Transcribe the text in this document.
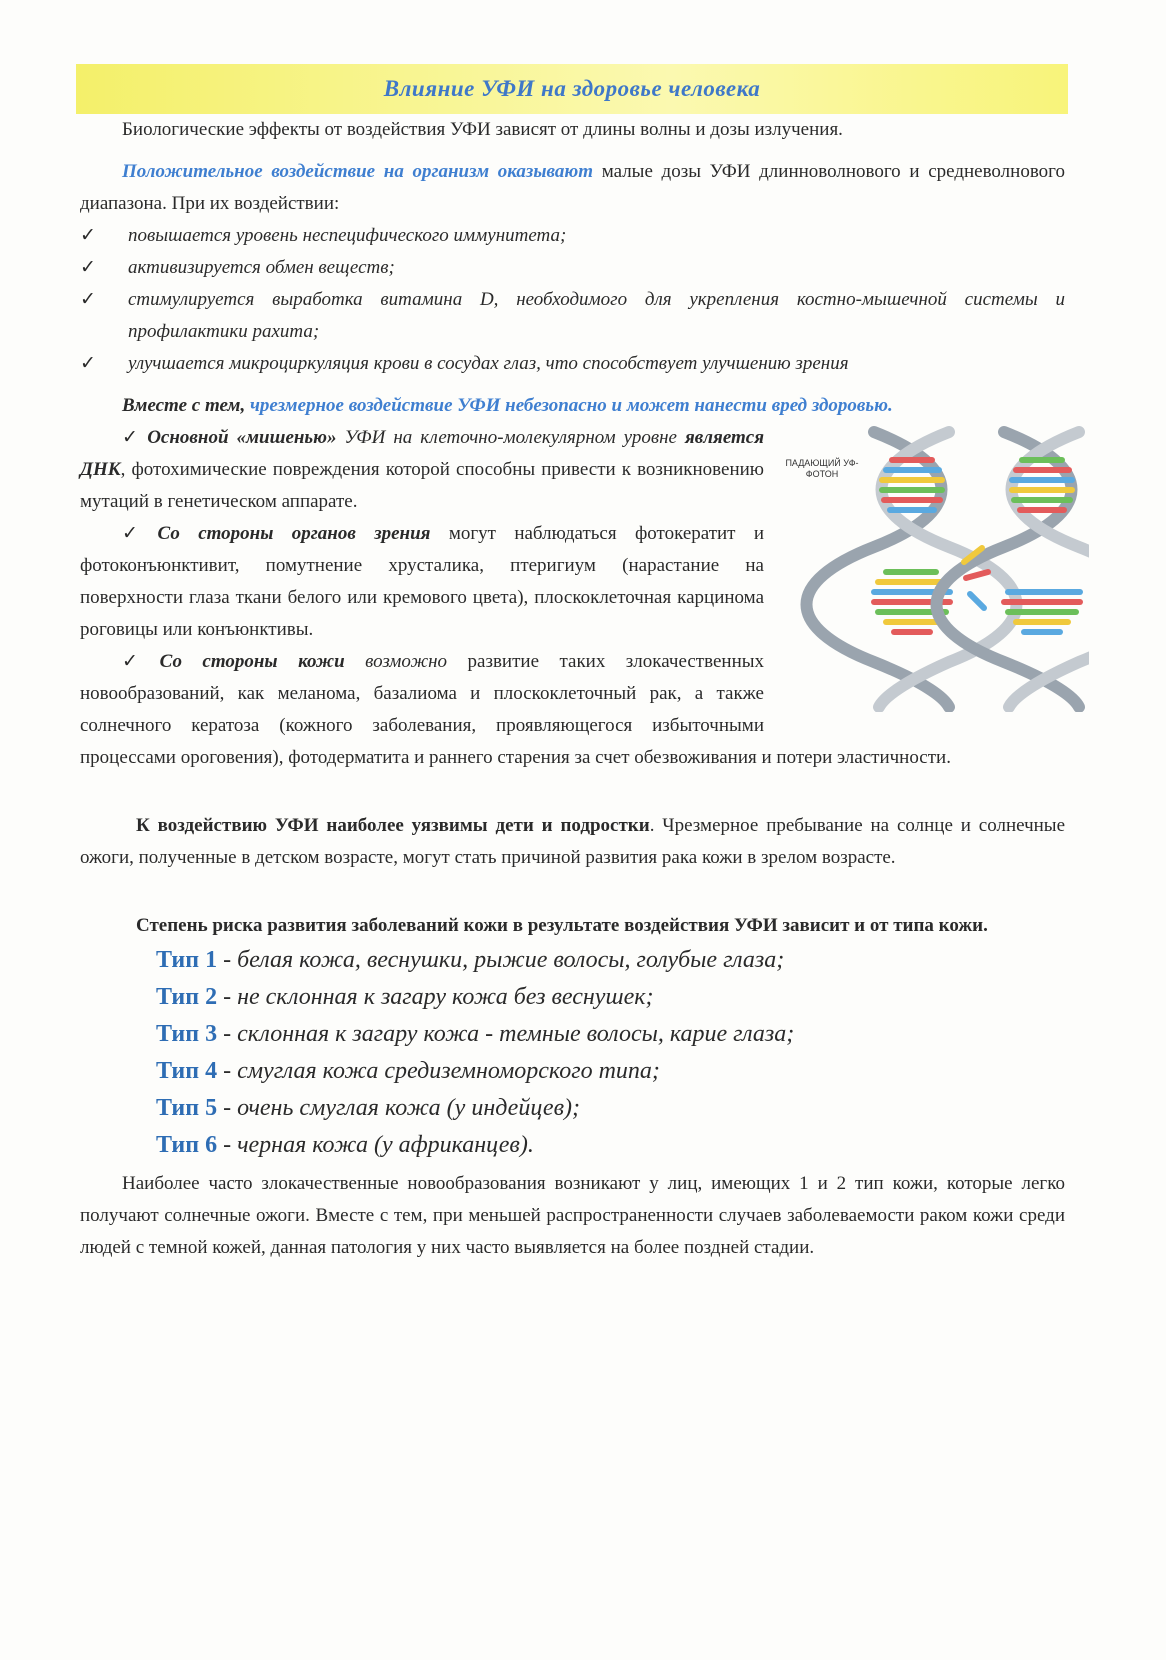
Влияние УФИ на здоровье человека

Биологические эффекты от воздействия УФИ зависят от длины волны и дозы излучения.

Положительное воздействие на организм оказывают малые дозы УФИ длинноволнового и средневолнового диапазона. При их воздействии:

✓ повышается уровень неспецифического иммунитета;
✓ активизируется обмен веществ;
✓ стимулируется выработка витамина D, необходимого для укрепления костно-мышечной системы и профилактики рахита;
✓ улучшается микроциркуляция крови в сосудах глаз, что способствует улучшению зрения

Вместе с тем, чрезмерное воздействие УФИ небезопасно и может нанести вред здоровью.

ПАДАЮЩИЙ УФ-ФОТОН

✓ Основной «мишенью» УФИ на клеточно-молекулярном уровне является ДНК, фотохимические повреждения которой способны привести к возникновению мутаций в генетическом аппарате.

✓ Со стороны органов зрения могут наблюдаться фотокератит и фотоконъюнктивит, помутнение хрусталика, птеригиум (нарастание на поверхности глаза ткани белого или кремового цвета), плоскоклеточная карцинома роговицы или конъюнктивы.

✓ Со стороны кожи возможно развитие таких злокачественных новообразований, как меланома, базалиома и плоскоклеточный рак, а также солнечного кератоза (кожного заболевания, проявляющегося избыточными процессами ороговения), фотодерматита и раннего старения за счет обезвоживания и потери эластичности.

К воздействию УФИ наиболее уязвимы дети и подростки. Чрезмерное пребывание на солнце и солнечные ожоги, полученные в детском возрасте, могут стать причиной развития рака кожи в зрелом возрасте.

Степень риска развития заболеваний кожи в результате воздействия УФИ зависит и от типа кожи.

Тип 1 - белая кожа, веснушки, рыжие волосы, голубые глаза;
Тип 2 - не склонная к загару кожа без веснушек;
Тип 3 - склонная к загару кожа - темные волосы, карие глаза;
Тип 4 - смуглая кожа средиземноморского типа;
Тип 5 - очень смуглая кожа (у индейцев);
Тип 6 - черная кожа (у африканцев).

Наиболее часто злокачественные новообразования возникают у лиц, имеющих 1 и 2 тип кожи, которые легко получают солнечные ожоги. Вместе с тем, при меньшей распространенности случаев заболеваемости раком кожи среди людей с темной кожей, данная патология у них часто выявляется на более поздней стадии.
